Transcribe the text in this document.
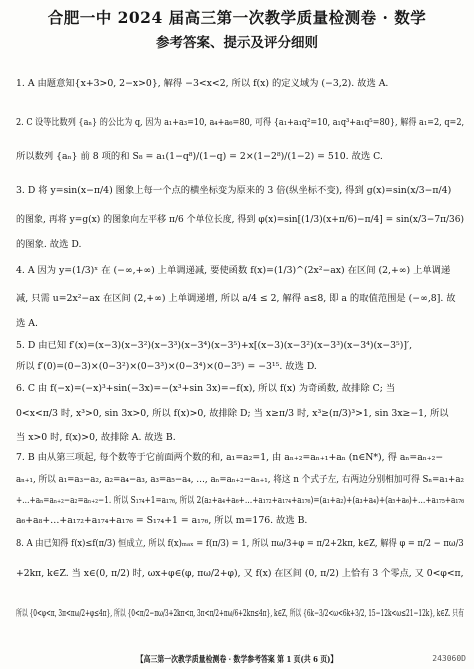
合肥一中 2024 届高三第一次教学质量检测卷 · 数学
参考答案、提示及评分细则
1. A 由题意知{x+3>0, 2−x>0}, 解得 −3<x<2, 所以 f(x) 的定义域为 (−3,2). 故选 A.
2. C 设等比数列 {aₙ} 的公比为 q, 因为 a₁+a₃=10, a₄+a₆=80, 可得 {a₁+a₁q²=10, a₁q³+a₁q⁵=80}, 解得 a₁=2, q=2,
所以数列 {aₙ} 前 8 项的和 S₈ = a₁(1−q⁸)/(1−q) = 2×(1−2⁸)/(1−2) = 510. 故选 C.
3. D 将 y=sin(x−π/4) 图象上每一个点的横坐标变为原来的 3 倍(纵坐标不变), 得到 g(x)=sin(x/3−π/4)
的图象, 再将 y=g(x) 的图象向左平移 π/6 个单位长度, 得到 φ(x)=sin[(1/3)(x+π/6)−π/4] = sin(x/3−7π/36)
的图象. 故选 D.
4. A 因为 y=(1/3)ˣ 在 (−∞,+∞) 上单调递减, 要使函数 f(x)=(1/3)^(2x²−ax) 在区间 (2,+∞) 上单调递
减, 只需 u=2x²−ax 在区间 (2,+∞) 上单调递增, 所以 a/4 ≤ 2, 解得 a≤8, 即 a 的取值范围是 (−∞,8]. 故
选 A.
5. D 由已知 f′(x)=(x−3)(x−3²)(x−3³)(x−3⁴)(x−3⁵)+x[(x−3)(x−3²)(x−3³)(x−3⁴)(x−3⁵)]′,
所以 f′(0)=(0−3)×(0−3²)×(0−3³)×(0−3⁴)×(0−3⁵) = −3¹⁵. 故选 D.
6. C 由 f(−x)=(−x)³+sin(−3x)=−(x³+sin 3x)=−f(x), 所以 f(x) 为奇函数, 故排除 C; 当
0<x<π/3 时, x³>0, sin 3x>0, 所以 f(x)>0, 故排除 D; 当 x≥π/3 时, x³≥(π/3)³>1, sin 3x≥−1, 所以
当 x>0 时, f(x)>0, 故排除 A. 故选 B.
7. B 由从第三项起, 每个数等于它前面两个数的和, a₁=a₂=1, 由 aₙ₊₂=aₙ₊₁+aₙ (n∈N*), 得 aₙ=aₙ₊₂−
aₙ₊₁, 所以 a₁=a₃−a₂, a₂=a₄−a₃, a₃=a₅−a₄, …, aₙ=aₙ₊₂−aₙ₊₁, 将这 n 个式子左, 右两边分别相加可得 Sₙ=a₁+a₂
+…+aₙ=aₙ₊₂−a₂=aₙ₊₂−1. 所以 S₁₇₄+1=a₁₇₆, 所以 2(a₂+a₄+a₆+…+a₁₇₂+a₁₇₄+a₁₇₆)=(a₁+a₂)+(a₃+a₄)+(a₅+a₆)+…+a₁₇₅+a₁₇₆
a₆+a₈+…+a₁₇₂+a₁₇₄+a₁₇₆ = S₁₇₄+1 = a₁₇₆, 所以 m=176. 故选 B.
8. A 由已知得 f(x)≤f(π/3) 恒成立, 所以 f(x)ₘₐₓ = f(π/3) = 1, 所以 πω/3+φ = π/2+2kπ, k∈Z, 解得 φ = π/2 − πω/3
+2kπ, k∈Z. 当 x∈(0, π/2) 时, ωx+φ∈(φ, πω/2+φ), 又 f(x) 在区间 (0, π/2) 上恰有 3 个零点, 又 0<φ<π,
所以 {0<φ<π, 3π<πω/2+φ≤4π}, 所以 {0<π/2−πω/3+2kπ<π, 3π<π/2+πω/6+2kπ≤4π}, k∈Z, 所以 {6k−3/2<ω<6k+3/2, 15−12k<ω≤21−12k}, k∈Z. 只有
【高三第一次教学质量检测卷 · 数学参考答案 第 1 页(共 6 页)】	243060D
